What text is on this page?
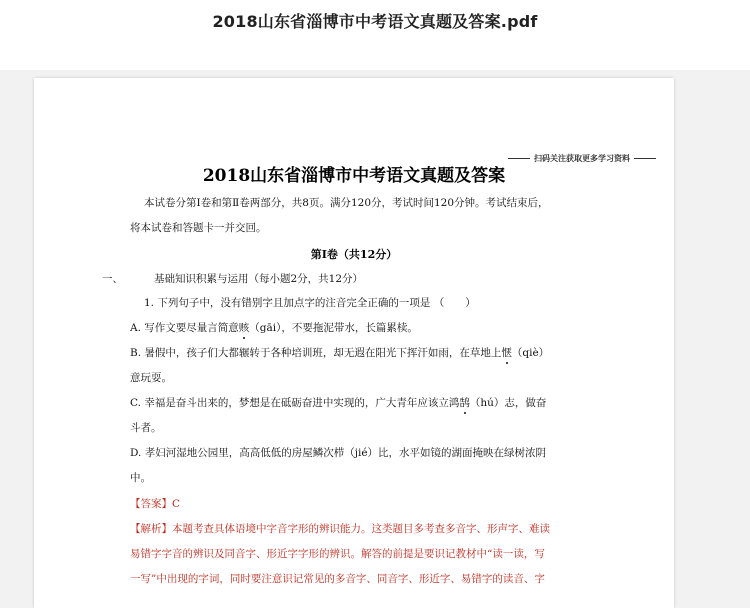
2018山东省淄博市中考语文真题及答案.pdf
扫码关注获取更多学习资料
2018山东省淄博市中考语文真题及答案
本试卷分第Ⅰ卷和第Ⅱ卷两部分，共8页。满分120分，考试时间120分钟。考试结束后，
将本试卷和答题卡一并交回。
第Ⅰ卷（共12分）
一、	基础知识积累与运用（每小题2分，共12分）
1. 下列句子中，没有错别字且加点字的注音完全正确的一项是 （　　）
A. 写作文要尽量言简意赅（gāi），不要拖泥带水，长篇累椟。
B. 暑假中，孩子们大都辗转于各种培训班，却无遐在阳光下挥汗如雨，在草地上惬（qiè）
意玩耍。
C. 幸福是奋斗出来的，梦想是在砥砺奋进中实现的，广大青年应该立鸿鹄（hú）志，做奋
斗者。
D. 孝妇河湿地公园里，高高低低的房屋鳞次栉（jié）比，水平如镜的湖面掩映在绿树浓阴
中。
【答案】C
【解析】本题考查具体语境中字音字形的辨识能力。这类题目多考查多音字、形声字、难读
易错字字音的辨识及同音字、形近字字形的辨识。解答的前提是要识记教材中“读一读，写
一写”中出现的字词，同时要注意识记常见的多音字、同音字、形近字、易错字的读音、字
